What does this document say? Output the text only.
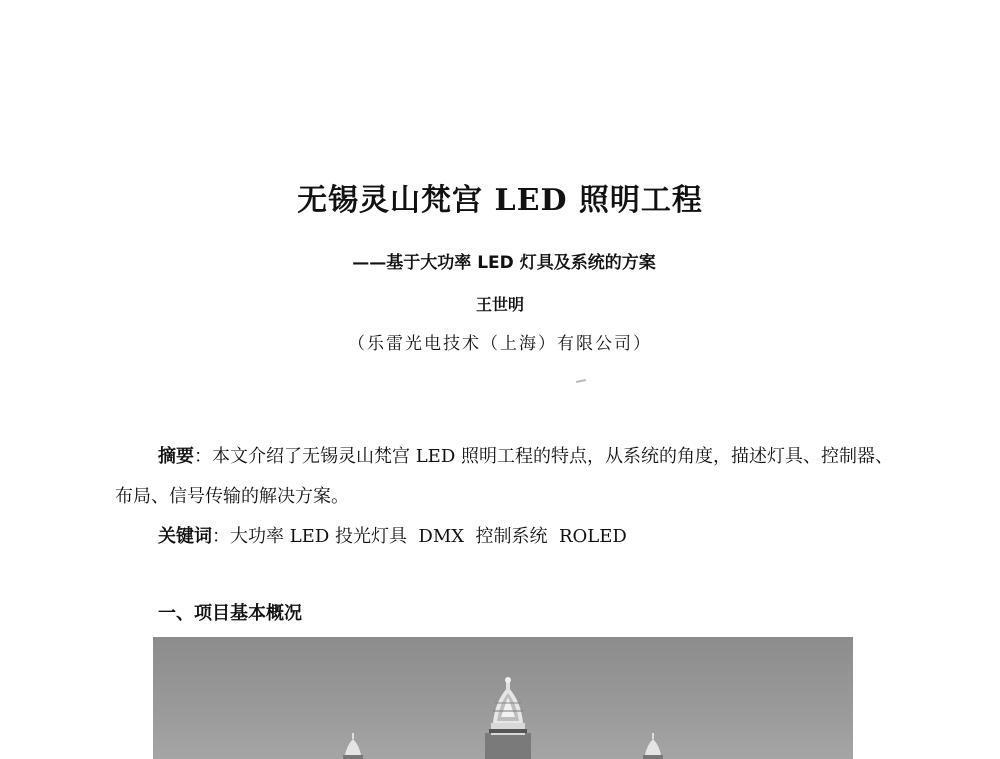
无锡灵山梵宫 LED 照明工程
——基于大功率 LED 灯具及系统的方案
王世明
（乐雷光电技术（上海）有限公司）

摘要：本文介绍了无锡灵山梵宫 LED 照明工程的特点，从系统的角度，描述灯具、控制器、布局、信号传输的解决方案。

关键词：大功率 LED 投光灯具  DMX  控制系统  ROLED

一、项目基本概况
